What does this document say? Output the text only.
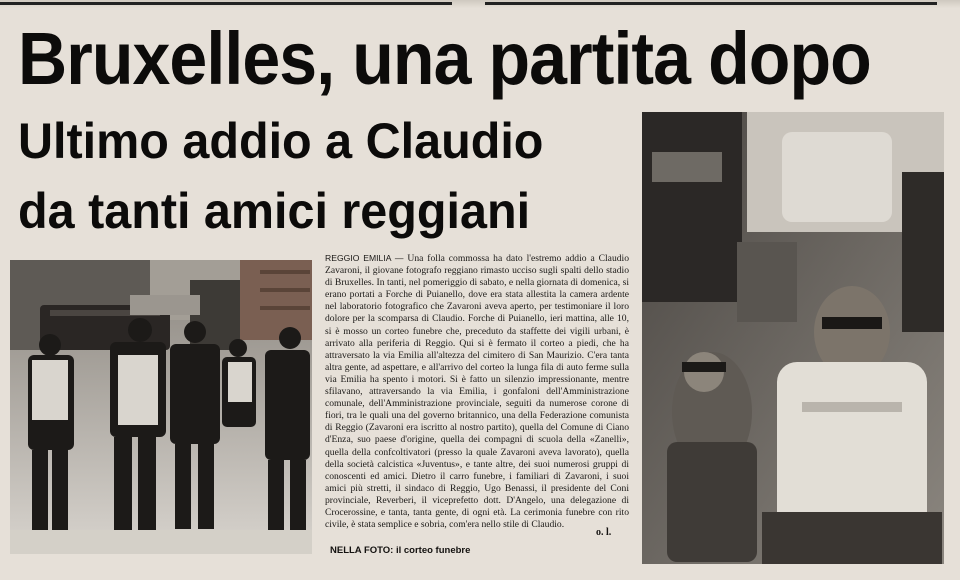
Bruxelles, una partita dopo
Ultimo addio a Claudio
da tanti amici reggiani
REGGIO EMILIA — Una folla commossa ha dato l'estremo addio a Claudio Zavaroni, il giovane fotografo reggiano rimasto ucciso sugli spalti dello stadio di Bruxelles. In tanti, nel pomeriggio di sabato, e nella giornata di domenica, si erano portati a Forche di Puianello, dove era stata allestita la camera ardente nel laboratorio fotografico che Zavaroni aveva aperto, per testimoniare il loro dolore per la scomparsa di Claudio. Forche di Puianello, ieri mattina, alle 10, si è mosso un corteo funebre che, preceduto da staffette dei vigili urbani, è arrivato alla periferia di Reggio. Qui si è fermato il corteo a piedi, che ha attraversato la via Emilia all'altezza del cimitero di San Maurizio. C'era tanta altra gente, ad aspettare, e all'arrivo del corteo la lunga fila di auto ferme sulla via Emilia ha spento i motori. Si è fatto un silenzio impressionante, mentre sfilavano, attraversando la via Emilia, i gonfaloni dell'Amministrazione comunale, dell'Amministrazione provinciale, seguiti da numerose corone di fiori, tra le quali una del governo britannico, una della Federazione comunista di Reggio (Zavaroni era iscritto al nostro partito), quella del Comune di Ciano d'Enza, suo paese d'origine, quella dei compagni di scuola della «Zanelli», quella della confcoltivatori (presso la quale Zavaroni aveva lavorato), quella della società calcistica «Juventus», e tante altre, dei suoi numerosi gruppi di conoscenti ed amici. Dietro il carro funebre, i familiari di Zavaroni, i suoi amici più stretti, il sindaco di Reggio, Ugo Benassi, il presidente del Coni provinciale, Reverberi, il viceprefetto dott. D'Angelo, una delegazione di Crocerossine, e tanta, tanta gente, di ogni età. La cerimonia funebre con rito civile, è stata semplice e sobria, com'era nello stile di Claudio.
o. l.
NELLA FOTO: il corteo funebre
